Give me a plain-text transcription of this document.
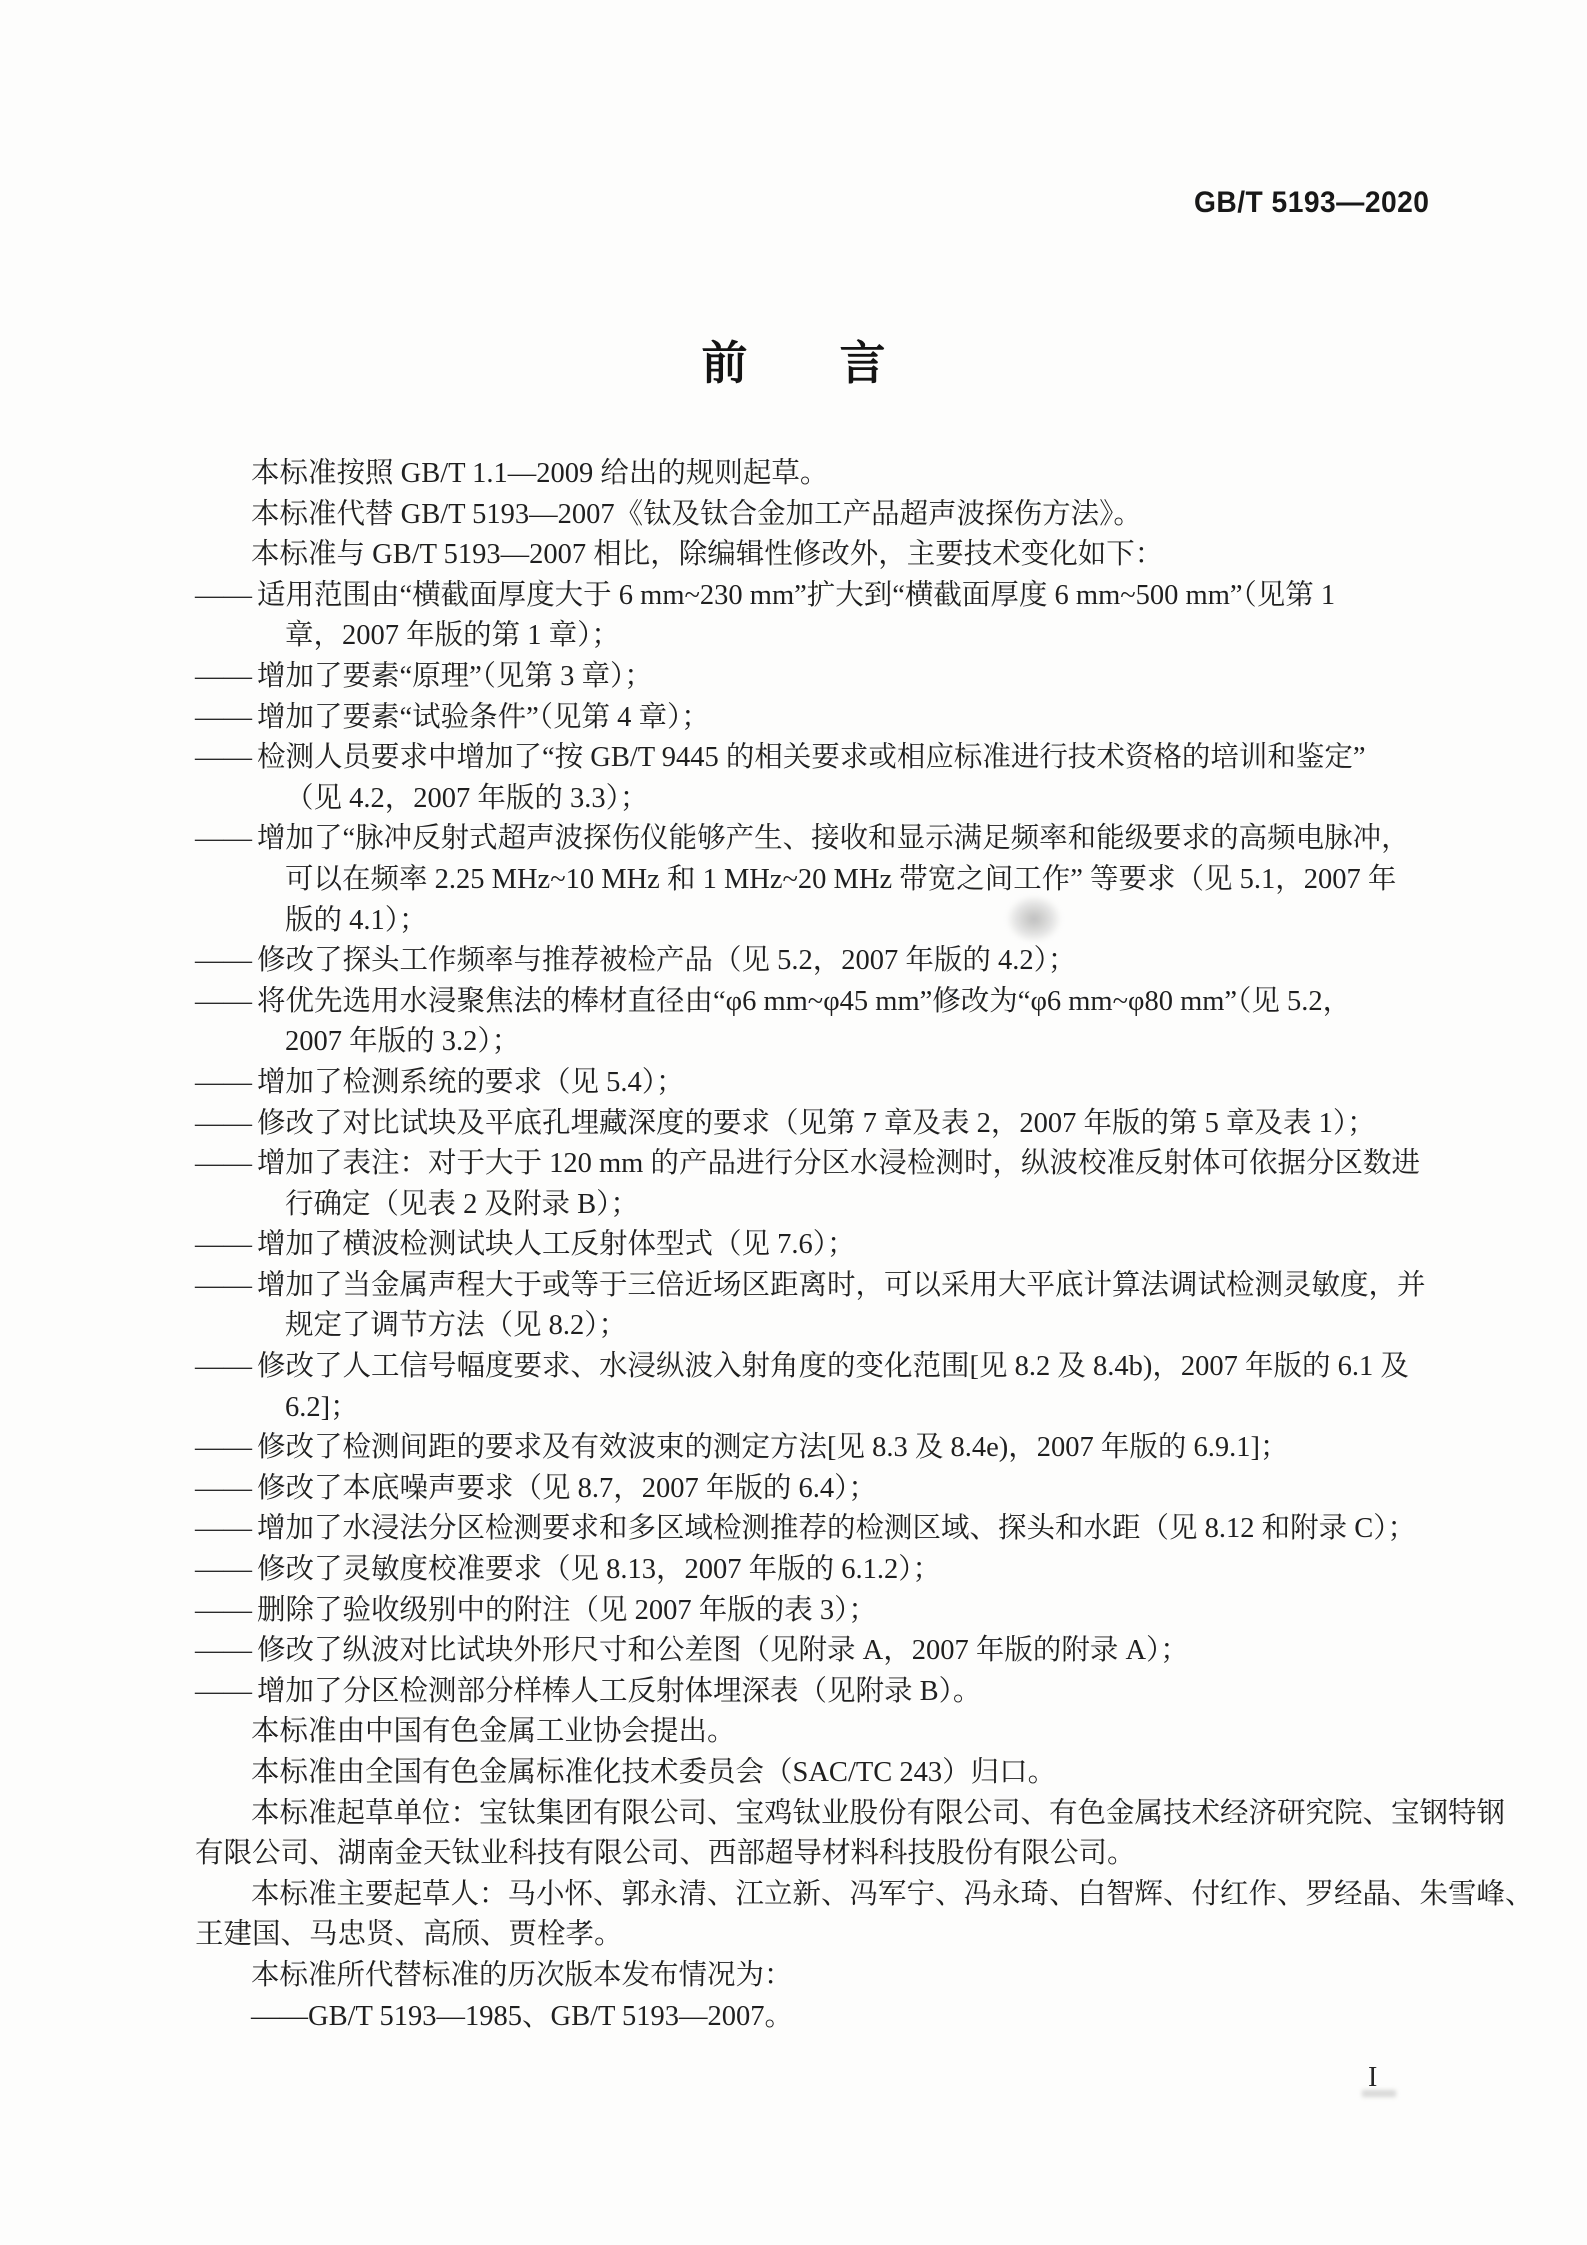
GB/T 5193—2020
前言
本标准按照 GB/T 1.1—2009 给出的规则起草。
本标准代替 GB/T 5193—2007《钛及钛合金加工产品超声波探伤方法》。
本标准与 GB/T 5193—2007 相比，除编辑性修改外，主要技术变化如下：
—— 适用范围由“横截面厚度大于 6 mm~230 mm”扩大到“横截面厚度 6 mm~500 mm”（见第 1
章，2007 年版的第 1 章）；
—— 增加了要素“原理”（见第 3 章）；
—— 增加了要素“试验条件”（见第 4 章）；
—— 检测人员要求中增加了“按 GB/T 9445 的相关要求或相应标准进行技术资格的培训和鉴定”
（见 4.2，2007 年版的 3.3）；
—— 增加了“脉冲反射式超声波探伤仪能够产生、接收和显示满足频率和能级要求的高频电脉冲，
可以在频率 2.25 MHz~10 MHz 和 1 MHz~20 MHz 带宽之间工作” 等要求（见 5.1，2007 年
版的 4.1）；
—— 修改了探头工作频率与推荐被检产品（见 5.2，2007 年版的 4.2）；
—— 将优先选用水浸聚焦法的棒材直径由“φ6 mm~φ45 mm”修改为“φ6 mm~φ80 mm”（见 5.2，
2007 年版的 3.2）；
—— 增加了检测系统的要求（见 5.4）；
—— 修改了对比试块及平底孔埋藏深度的要求（见第 7 章及表 2，2007 年版的第 5 章及表 1）；
—— 增加了表注：对于大于 120 mm 的产品进行分区水浸检测时，纵波校准反射体可依据分区数进
行确定（见表 2 及附录 B）；
—— 增加了横波检测试块人工反射体型式（见 7.6）；
—— 增加了当金属声程大于或等于三倍近场区距离时，可以采用大平底计算法调试检测灵敏度，并
规定了调节方法（见 8.2）；
—— 修改了人工信号幅度要求、水浸纵波入射角度的变化范围[见 8.2 及 8.4b)，2007 年版的 6.1 及
6.2]；
—— 修改了检测间距的要求及有效波束的测定方法[见 8.3 及 8.4e)，2007 年版的 6.9.1]；
—— 修改了本底噪声要求（见 8.7，2007 年版的 6.4）；
—— 增加了水浸法分区检测要求和多区域检测推荐的检测区域、探头和水距（见 8.12 和附录 C）；
—— 修改了灵敏度校准要求（见 8.13，2007 年版的 6.1.2）；
—— 删除了验收级别中的附注（见 2007 年版的表 3）；
—— 修改了纵波对比试块外形尺寸和公差图（见附录 A，2007 年版的附录 A）；
—— 增加了分区检测部分样棒人工反射体埋深表（见附录 B）。
本标准由中国有色金属工业协会提出。
本标准由全国有色金属标准化技术委员会（SAC/TC 243）归口。
本标准起草单位：宝钛集团有限公司、宝鸡钛业股份有限公司、有色金属技术经济研究院、宝钢特钢
有限公司、湖南金天钛业科技有限公司、西部超导材料科技股份有限公司。
本标准主要起草人：马小怀、郭永清、江立新、冯军宁、冯永琦、白智辉、付红作、罗经晶、朱雪峰、
王建国、马忠贤、高颀、贾栓孝。
本标准所代替标准的历次版本发布情况为：
——GB/T 5193—1985、GB/T 5193—2007。
I
